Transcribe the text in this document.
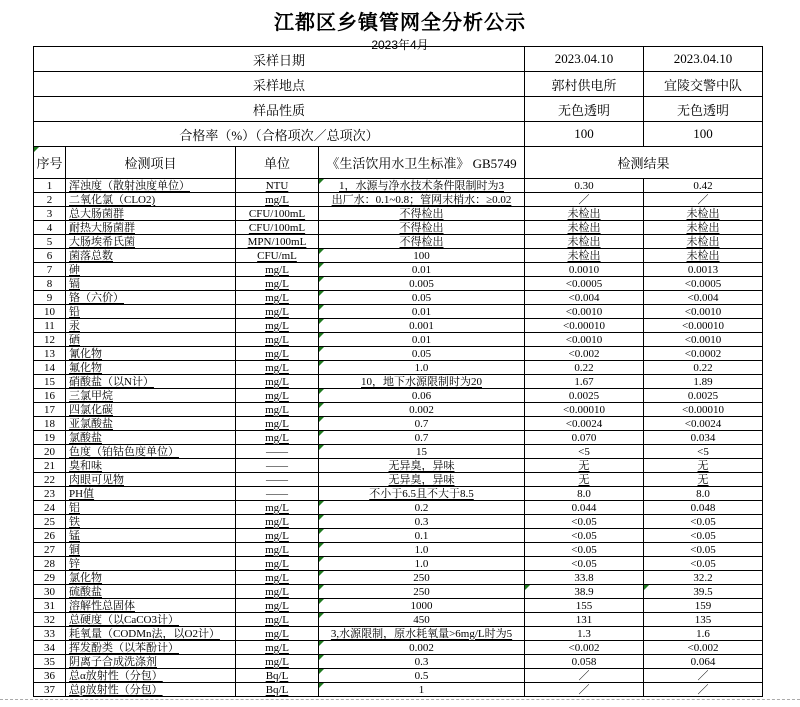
江都区乡镇管网全分析公示
2023年4月
采样日期				2023.04.10	2023.04.10
采样地点				郭村供电所	宜陵交警中队
样品性质				无色透明	无色透明
合格率（%）（合格项次／总项次）				100	100
序号	检测项目	单位	《生活饮用水卫生标准》 GB5749	检测结果	
1	浑浊度（散射浊度单位）	NTU	1，水源与净水技术条件限制时为3	0.30	0.42
2	二氧化氯（CLO2)	mg/L	出厂水：0.1~0.8；管网末梢水：≥0.02	／	／
3	总大肠菌群	CFU/100mL	不得检出	未检出	未检出
4	耐热大肠菌群	CFU/100mL	不得检出	未检出	未检出
5	大肠埃希氏菌	MPN/100mL	不得检出	未检出	未检出
6	菌落总数	CFU/mL	100	未检出	未检出
7	砷	mg/L	0.01	0.0010	0.0013
8	镉	mg/L	0.005	<0.0005	<0.0005
9	铬（六价）	mg/L	0.05	<0.004	<0.004
10	铅	mg/L	0.01	<0.0010	<0.0010
11	汞	mg/L	0.001	<0.00010	<0.00010
12	硒	mg/L	0.01	<0.0010	<0.0010
13	氰化物	mg/L	0.05	<0.002	<0.0002
14	氟化物	mg/L	1.0	0.22	0.22
15	硝酸盐（以N计）	mg/L	10，地下水源限制时为20	1.67	1.89
16	三氯甲烷	mg/L	0.06	0.0025	0.0025
17	四氯化碳	mg/L	0.002	<0.00010	<0.00010
18	亚氯酸盐	mg/L	0.7	<0.0024	<0.0024
19	氯酸盐	mg/L	0.7	0.070	0.034
20	色度（铂钴色度单位）	——	15	<5	<5
21	臭和味	——	无异臭，异味	无	无
22	肉眼可见物	——	无异臭，异味	无	无
23	PH值	——	不小于6.5且不大于8.5	8.0	8.0
24	铝	mg/L	0.2	0.044	0.048
25	铁	mg/L	0.3	<0.05	<0.05
26	锰	mg/L	0.1	<0.05	<0.05
27	铜	mg/L	1.0	<0.05	<0.05
28	锌	mg/L	1.0	<0.05	<0.05
29	氯化物	mg/L	250	33.8	32.2
30	硫酸盐	mg/L	250	38.9	39.5

31	溶解性总固体	mg/L	1000	155	159
32	总硬度（以CaCO3计）	mg/L	450	131	135
33	耗氧量（CODMn法，以O2计）	mg/L	3,水源限制，原水耗氧量>6mg/L时为5	1.3	1.6
34	挥发酚类（以苯酚计）	mg/L	0.002	<0.002	<0.002
35	阴离子合成洗涤剂	mg/L	0.3	0.058	0.064
36	总α放射性（分包）	Bq/L	0.5	／	／
37	总β放射性（分包）	Bq/L	1	／	／
